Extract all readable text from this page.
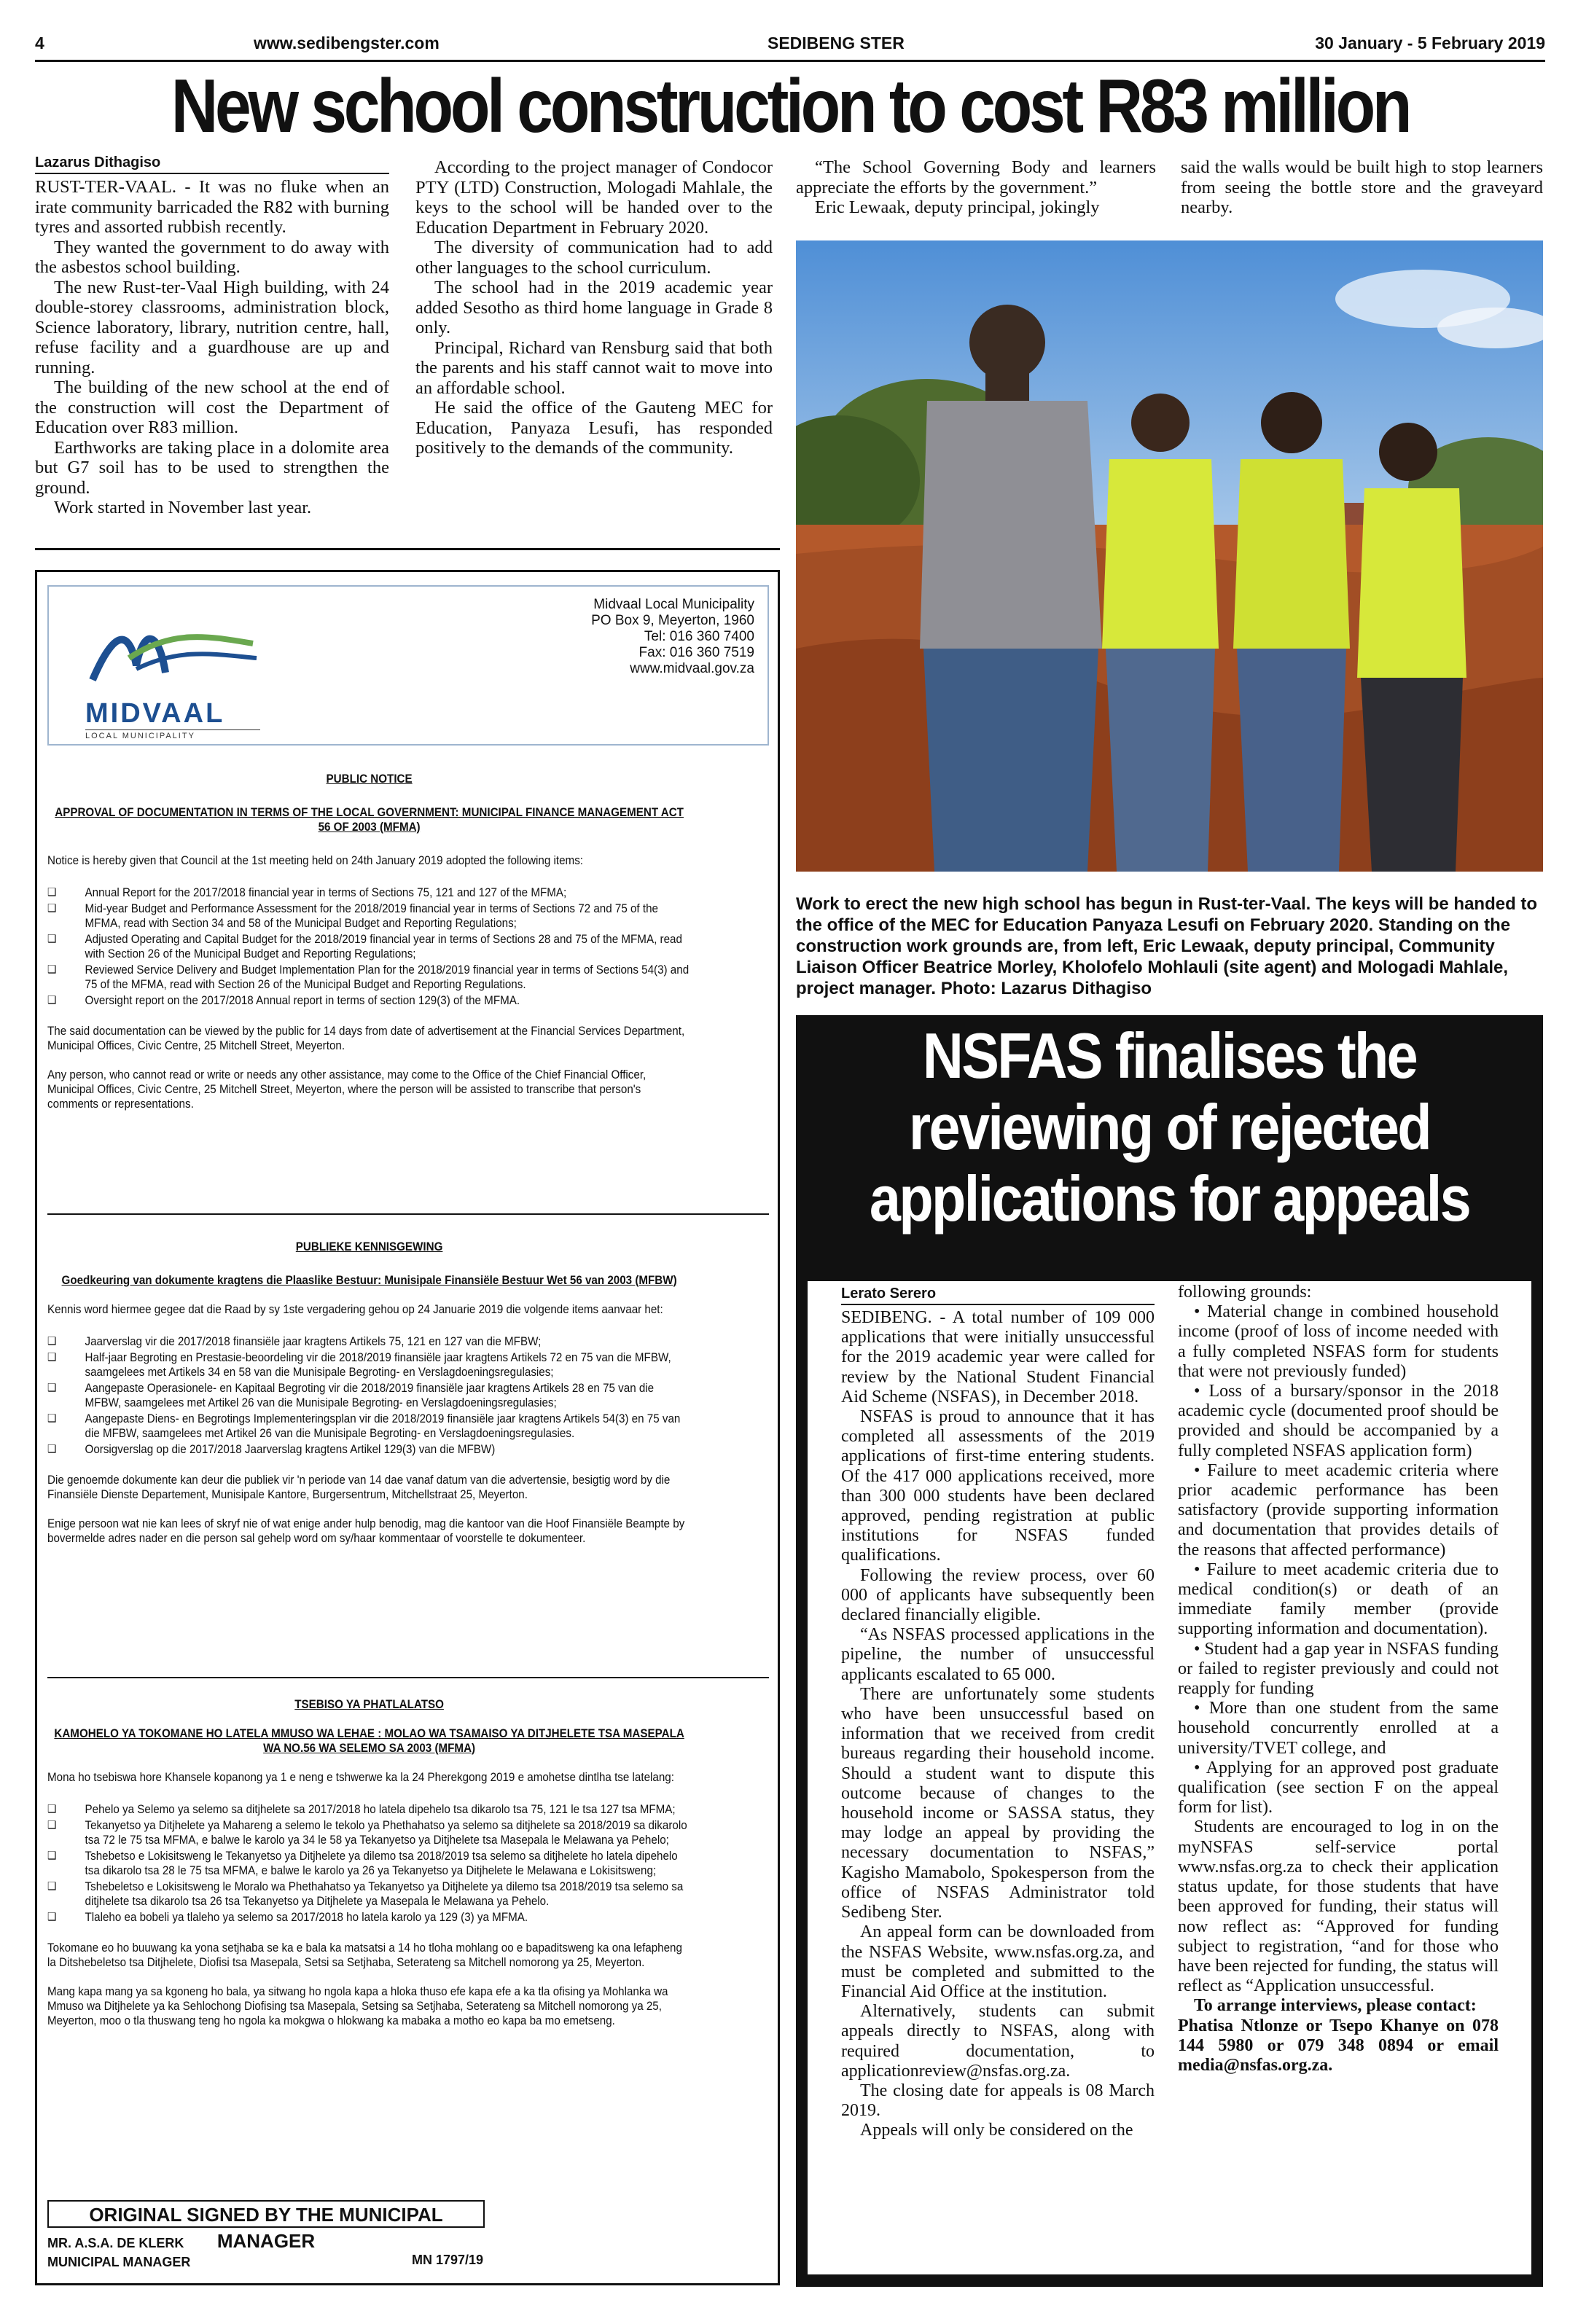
4	www.sedibengster.com	SEDIBENG STER	30 January - 5 February 2019
New school construction to cost R83 million
Lazarus Dithagiso

RUST-TER-VAAL. - It was no fluke when an irate community barricaded the R82 with burning tyres and assorted rubbish recently.

They wanted the government to do away with the asbestos school building.

The new Rust-ter-Vaal High building, with 24 double-storey classrooms, administration block, Science laboratory, library, nutrition centre, hall, refuse facility and a guardhouse are up and running.

The building of the new school at the end of the construction will cost the Department of Education over R83 million.

Earthworks are taking place in a dolomite area but G7 soil has to be used to strengthen the ground.

Work started in November last year.

According to the project manager of Condocor PTY (LTD) Construction, Mologadi Mahlale, the keys to the school will be handed over to the Education Department in February 2020.

The diversity of communication had to add other languages to the school curriculum.

The school had in the 2019 academic year added Sesotho as third home language in Grade 8 only.

Principal, Richard van Rensburg said that both the parents and his staff cannot wait to move into an affordable school.

He said the office of the Gauteng MEC for Education, Panyaza Lesufi, has responded positively to the demands of the community.

“The School Governing Body and learners appreciate the efforts by the government.”

Eric Lewaak, deputy principal, jokingly

said the walls would be built high to stop learners from seeing the bottle store and the graveyard nearby.

Work to erect the new high school has begun in Rust-ter-Vaal. The keys will be handed to the office of the MEC for Education Panyaza Lesufi on February 2020. Standing on the construction work grounds are, from left, Eric Lewaak, deputy principal, Community Liaison Officer Beatrice Morley, Kholofelo Mohlauli (site agent) and Mologadi Mahlale, project manager. Photo: Lazarus Dithagiso
MIDVAAL
LOCAL MUNICIPALITY
Midvaal Local Municipality
PO Box 9, Meyerton, 1960
Tel: 016 360 7400
Fax: 016 360 7519
www.midvaal.gov.za
PUBLIC NOTICE
APPROVAL OF DOCUMENTATION IN TERMS OF THE LOCAL GOVERNMENT: MUNICIPAL FINANCE MANAGEMENT ACT 56 OF 2003 (MFMA)

Notice is hereby given that Council at the 1st meeting held on 24th January 2019 adopted the following items:

❑ Annual Report for the 2017/2018 financial year in terms of Sections 75, 121 and 127 of the MFMA;
❑ Mid-year Budget and Performance Assessment for the 2018/2019 financial year in terms of Sections 72 and 75 of the MFMA, read with Section 34 and 58 of the Municipal Budget and Reporting Regulations;
❑ Adjusted Operating and Capital Budget for the 2018/2019 financial year in terms of Sections 28 and 75 of the MFMA, read with Section 26 of the Municipal Budget and Reporting Regulations;
❑ Reviewed Service Delivery and Budget Implementation Plan for the 2018/2019 financial year in terms of Sections 54(3) and 75 of the MFMA, read with Section 26 of the Municipal Budget and Reporting Regulations.
❑ Oversight report on the 2017/2018 Annual report in terms of section 129(3) of the MFMA.

The said documentation can be viewed by the public for 14 days from date of advertisement at the Financial Services Department, Municipal Offices, Civic Centre, 25 Mitchell Street, Meyerton.

Any person, who cannot read or write or needs any other assistance, may come to the Office of the Chief Financial Officer, Municipal Offices, Civic Centre, 25 Mitchell Street, Meyerton, where the person will be assisted to transcribe that person's comments or representations.

PUBLIEKE KENNISGEWING
Goedkeuring van dokumente kragtens die Plaaslike Bestuur: Munisipale Finansiële Bestuur Wet 56 van 2003 (MFBW)

Kennis word hiermee gegee dat die Raad by sy 1ste vergadering gehou op 24 Januarie 2019 die volgende items aanvaar het:

❑ Jaarverslag vir die 2017/2018 finansiële jaar kragtens Artikels 75, 121 en 127 van die MFBW;
❑ Half-jaar Begroting en Prestasie-beoordeling vir die 2018/2019 finansiële jaar kragtens Artikels 72 en 75 van die MFBW, saamgelees met Artikels 34 en 58 van die Munisipale Begroting- en Verslagdoeningsregulasies;
❑ Aangepaste Operasionele- en Kapitaal Begroting vir die 2018/2019 finansiële jaar kragtens Artikels 28 en 75 van die MFBW, saamgelees met Artikel 26 van die Munisipale Begroting- en Verslagdoeningsregulasies;
❑ Aangepaste Diens- en Begrotings Implementeringsplan vir die 2018/2019 finansiële jaar kragtens Artikels 54(3) en 75 van die MFBW, saamgelees met Artikel 26 van die Munisipale Begroting- en Verslagdoeningsregulasies.
❑ Oorsigverslag op die 2017/2018 Jaarverslag kragtens Artikel 129(3) van die MFBW)

Die genoemde dokumente kan deur die publiek vir 'n periode van 14 dae vanaf datum van die advertensie, besigtig word by die Finansiële Dienste Departement, Munisipale Kantore, Burgersentrum, Mitchellstraat 25, Meyerton.

Enige persoon wat nie kan lees of skryf nie of wat enige ander hulp benodig, mag die kantoor van die Hoof Finansiële Beampte by bovermelde adres nader en die person sal gehelp word om sy/haar kommentaar of voorstelle te dokumenteer.

TSEBISO YA PHATLALATSO
KAMOHELO YA TOKOMANE HO LATELA MMUSO WA LEHAE : MOLAO WA TSAMAISO YA DITJHELETE TSA MASEPALA WA NO.56 WA SELEMO SA 2003 (MFMA)

Mona ho tsebiswa hore Khansele kopanong ya 1 e neng e tshwerwe ka la 24 Pherekgong 2019 e amohetse dintlha tse latelang:

❑ Pehelo ya Selemo ya selemo sa ditjhelete sa 2017/2018 ho latela dipehelo tsa dikarolo tsa 75, 121 le tsa 127 tsa MFMA;
❑ Tekanyetso ya Ditjhelete ya Mahareng a selemo le tekolo ya Phethahatso ya selemo sa ditjhelete sa 2018/2019 sa dikarolo tsa 72 le 75 tsa MFMA, e balwe le karolo ya 34 le 58 ya Tekanyetso ya Ditjhelete tsa Masepala le Melawana ya Pehelo;
❑ Tshebetso e Lokisitsweng le Tekanyetso ya Ditjhelete ya dilemo tsa 2018/2019 tsa selemo sa ditjhelete ho latela dipehelo tsa dikarolo tsa 28 le 75 tsa MFMA, e balwe le karolo ya 26 ya Tekanyetso ya Ditjhelete le Melawana e Lokisitsweng;
❑ Tshebeletso e Lokisitsweng le Moralo wa Phethahatso ya Tekanyetso ya Ditjhelete ya dilemo tsa 2018/2019 tsa selemo sa ditjhelete tsa dikarolo tsa 26 tsa Tekanyetso ya Ditjhelete ya Masepala le Melawana ya Pehelo.
❑ Tlaleho ea bobeli ya tlaleho ya selemo sa 2017/2018 ho latela karolo ya 129 (3) ya MFMA.

Tokomane eo ho buuwang ka yona setjhaba se ka e bala ka matsatsi a 14 ho tloha mohlang oo e bapaditsweng ka ona lefapheng la Ditshebeletso tsa Ditjhelete, Diofisi tsa Masepala, Setsi sa Setjhaba, Seterateng sa Mitchell nomorong ya 25, Meyerton.

Mang kapa mang ya sa kgoneng ho bala, ya sitwang ho ngola kapa a hloka thuso efe kapa efe a ka tla ofising ya Mohlanka wa Mmuso wa Ditjhelete ya ka Sehlochong Diofising tsa Masepala, Setsing sa Setjhaba, Seterateng sa Mitchell nomorong ya 25, Meyerton, moo o tla thuswang teng ho ngola ka mokgwa o hlokwang ka mabaka a motho eo kapa ba mo emetseng.

ORIGINAL SIGNED BY THE MUNICIPAL MANAGER
MR. A.S.A. DE KLERK
MUNICIPAL MANAGER	MN 1797/19
NSFAS finalises the
reviewing of rejected
applications for appeals
Lerato Serero

SEDIBENG. - A total number of 109 000 applications that were initially unsuccessful for the 2019 academic year were called for review by the National Student Financial Aid Scheme (NSFAS), in December 2018.

NSFAS is proud to announce that it has completed all assessments of the 2019 applications of first-time entering students. Of the 417 000 applications received, more than 300 000 students have been declared approved, pending registration at public institutions for NSFAS funded qualifications.

Following the review process, over 60 000 of applicants have subsequently been declared financially eligible.

“As NSFAS processed applications in the pipeline, the number of unsuccessful applicants escalated to 65 000.

There are unfortunately some students who have been unsuccessful based on information that we received from credit bureaus regarding their household income. Should a student want to dispute this outcome because of changes to the household income or SASSA status, they may lodge an appeal by providing the necessary documentation to NSFAS,” Kagisho Mamabolo, Spokesperson from the office of NSFAS Administrator told Sedibeng Ster.

An appeal form can be downloaded from the NSFAS Website, www.nsfas.org.za, and must be completed and submitted to the Financial Aid Office at the institution.

Alternatively, students can submit appeals directly to NSFAS, along with required documentation, to applicationreview@nsfas.org.za.

The closing date for appeals is 08 March 2019.

Appeals will only be considered on the

following grounds:

• Material change in combined household income (proof of loss of income needed with a fully completed NSFAS form for students that were not previously funded)

• Loss of a bursary/sponsor in the 2018 academic cycle (documented proof should be provided and should be accompanied by a fully completed NSFAS application form)

• Failure to meet academic criteria where prior academic performance has been satisfactory (provide supporting information and documentation that provides details of the reasons that affected performance)

• Failure to meet academic criteria due to medical condition(s) or death of an immediate family member (provide supporting information and documentation).

• Student had a gap year in NSFAS funding or failed to register previously and could not reapply for funding

• More than one student from the same household concurrently enrolled at a university/TVET college, and

• Applying for an approved post graduate qualification (see section F on the appeal form for list).

Students are encouraged to log in on the myNSFAS self-service portal www.nsfas.org.za to check their application status update, for those students that have been approved for funding, their status will now reflect as: “Approved for funding subject to registration, “and for those who have been rejected for funding, the status will reflect as “Application unsuccessful.

To arrange interviews, please contact:

Phatisa Ntlonze or Tsepo Khanye on 078 144 5980 or 079 348 0894 or email media@nsfas.org.za.
